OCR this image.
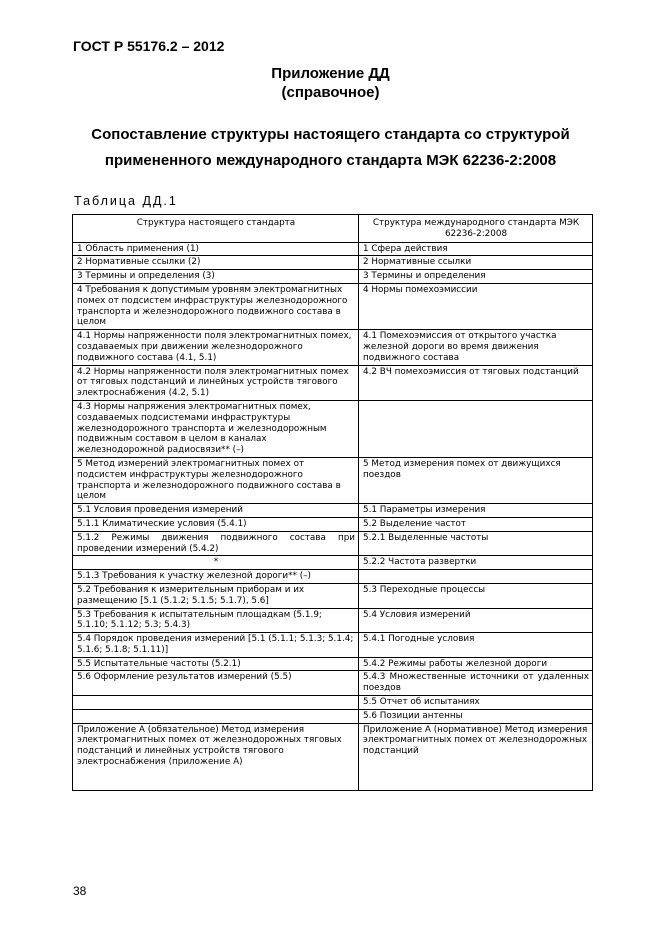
ГОСТ Р 55176.2 – 2012
Приложение ДД
(справочное)
Сопоставление структуры настоящего стандарта со структурой
примененного международного стандарта МЭК 62236-2:2008
Таблица ДД.1
Структура настоящего стандарта	Структура международного стандарта МЭК 62236-2:2008
1 Область применения (1)	1 Сфера действия
2 Нормативные ссылки (2)	2 Нормативные ссылки
3 Термины и определения (3)	3 Термины и определения
4 Требования к допустимым уровням электромагнитных помех от подсистем инфраструктуры железнодорожного транспорта и железнодорожного подвижного состава в целом	4 Нормы помехоэмиссии
4.1 Нормы напряженности поля электромагнитных помех, создаваемых при движении железнодорожного подвижного состава (4.1, 5.1)	4.1 Помехоэмиссия от открытого участка железной дороги во время движения подвижного состава
4.2 Нормы напряженности поля электромагнитных помех от тяговых подстанций и линейных устройств тягового электроснабжения (4.2, 5.1)	4.2 ВЧ помехоэмиссия от тяговых подстанций
4.3 Нормы напряжения электромагнитных помех, создаваемых подсистемами инфраструктуры железнодорожного транспорта и железнодорожным подвижным составом в целом в каналах железнодорожной радиосвязи** (–)	
5 Метод измерений электромагнитных помех от подсистем инфраструктуры железнодорожного транспорта и железнодорожного подвижного состава в целом	5 Метод измерения помех от движущихся поездов
5.1 Условия проведения измерений	5.1 Параметры измерения
5.1.1 Климатические условия (5.4.1)	5.2 Выделение частот
5.1.2 Режимы движения подвижного состава при проведении измерений (5.4.2)	5.2.1 Выделенные частоты
*	5.2.2 Частота развертки
5.1.3 Требования к участку железной дороги** (–)	
5.2 Требования к измерительным приборам и их размещению [5.1 (5.1.2; 5.1.5; 5.1.7), 5.6]	5.3 Переходные процессы
5.3 Требования к испытательным площадкам (5.1.9; 5.1.10; 5.1.12; 5.3; 5.4.3)	5.4 Условия измерений
5.4 Порядок проведения измерений [5.1 (5.1.1; 5.1.3; 5.1.4; 5.1.6; 5.1.8; 5.1.11)]	5.4.1 Погодные условия
5.5 Испытательные частоты (5.2.1)	5.4.2 Режимы работы железной дороги
5.6 Оформление результатов измерений (5.5)	5.4.3 Множественные источники от удаленных поездов
	5.5 Отчет об испытаниях
	5.6 Позиции антенны
Приложение А (обязательное) Метод измерения электромагнитных помех от железнодорожных тяговых подстанций и линейных устройств тягового электроснабжения (приложение А)	Приложение А (нормативное) Метод измерения электромагнитных помех от железнодорожных подстанций
38
